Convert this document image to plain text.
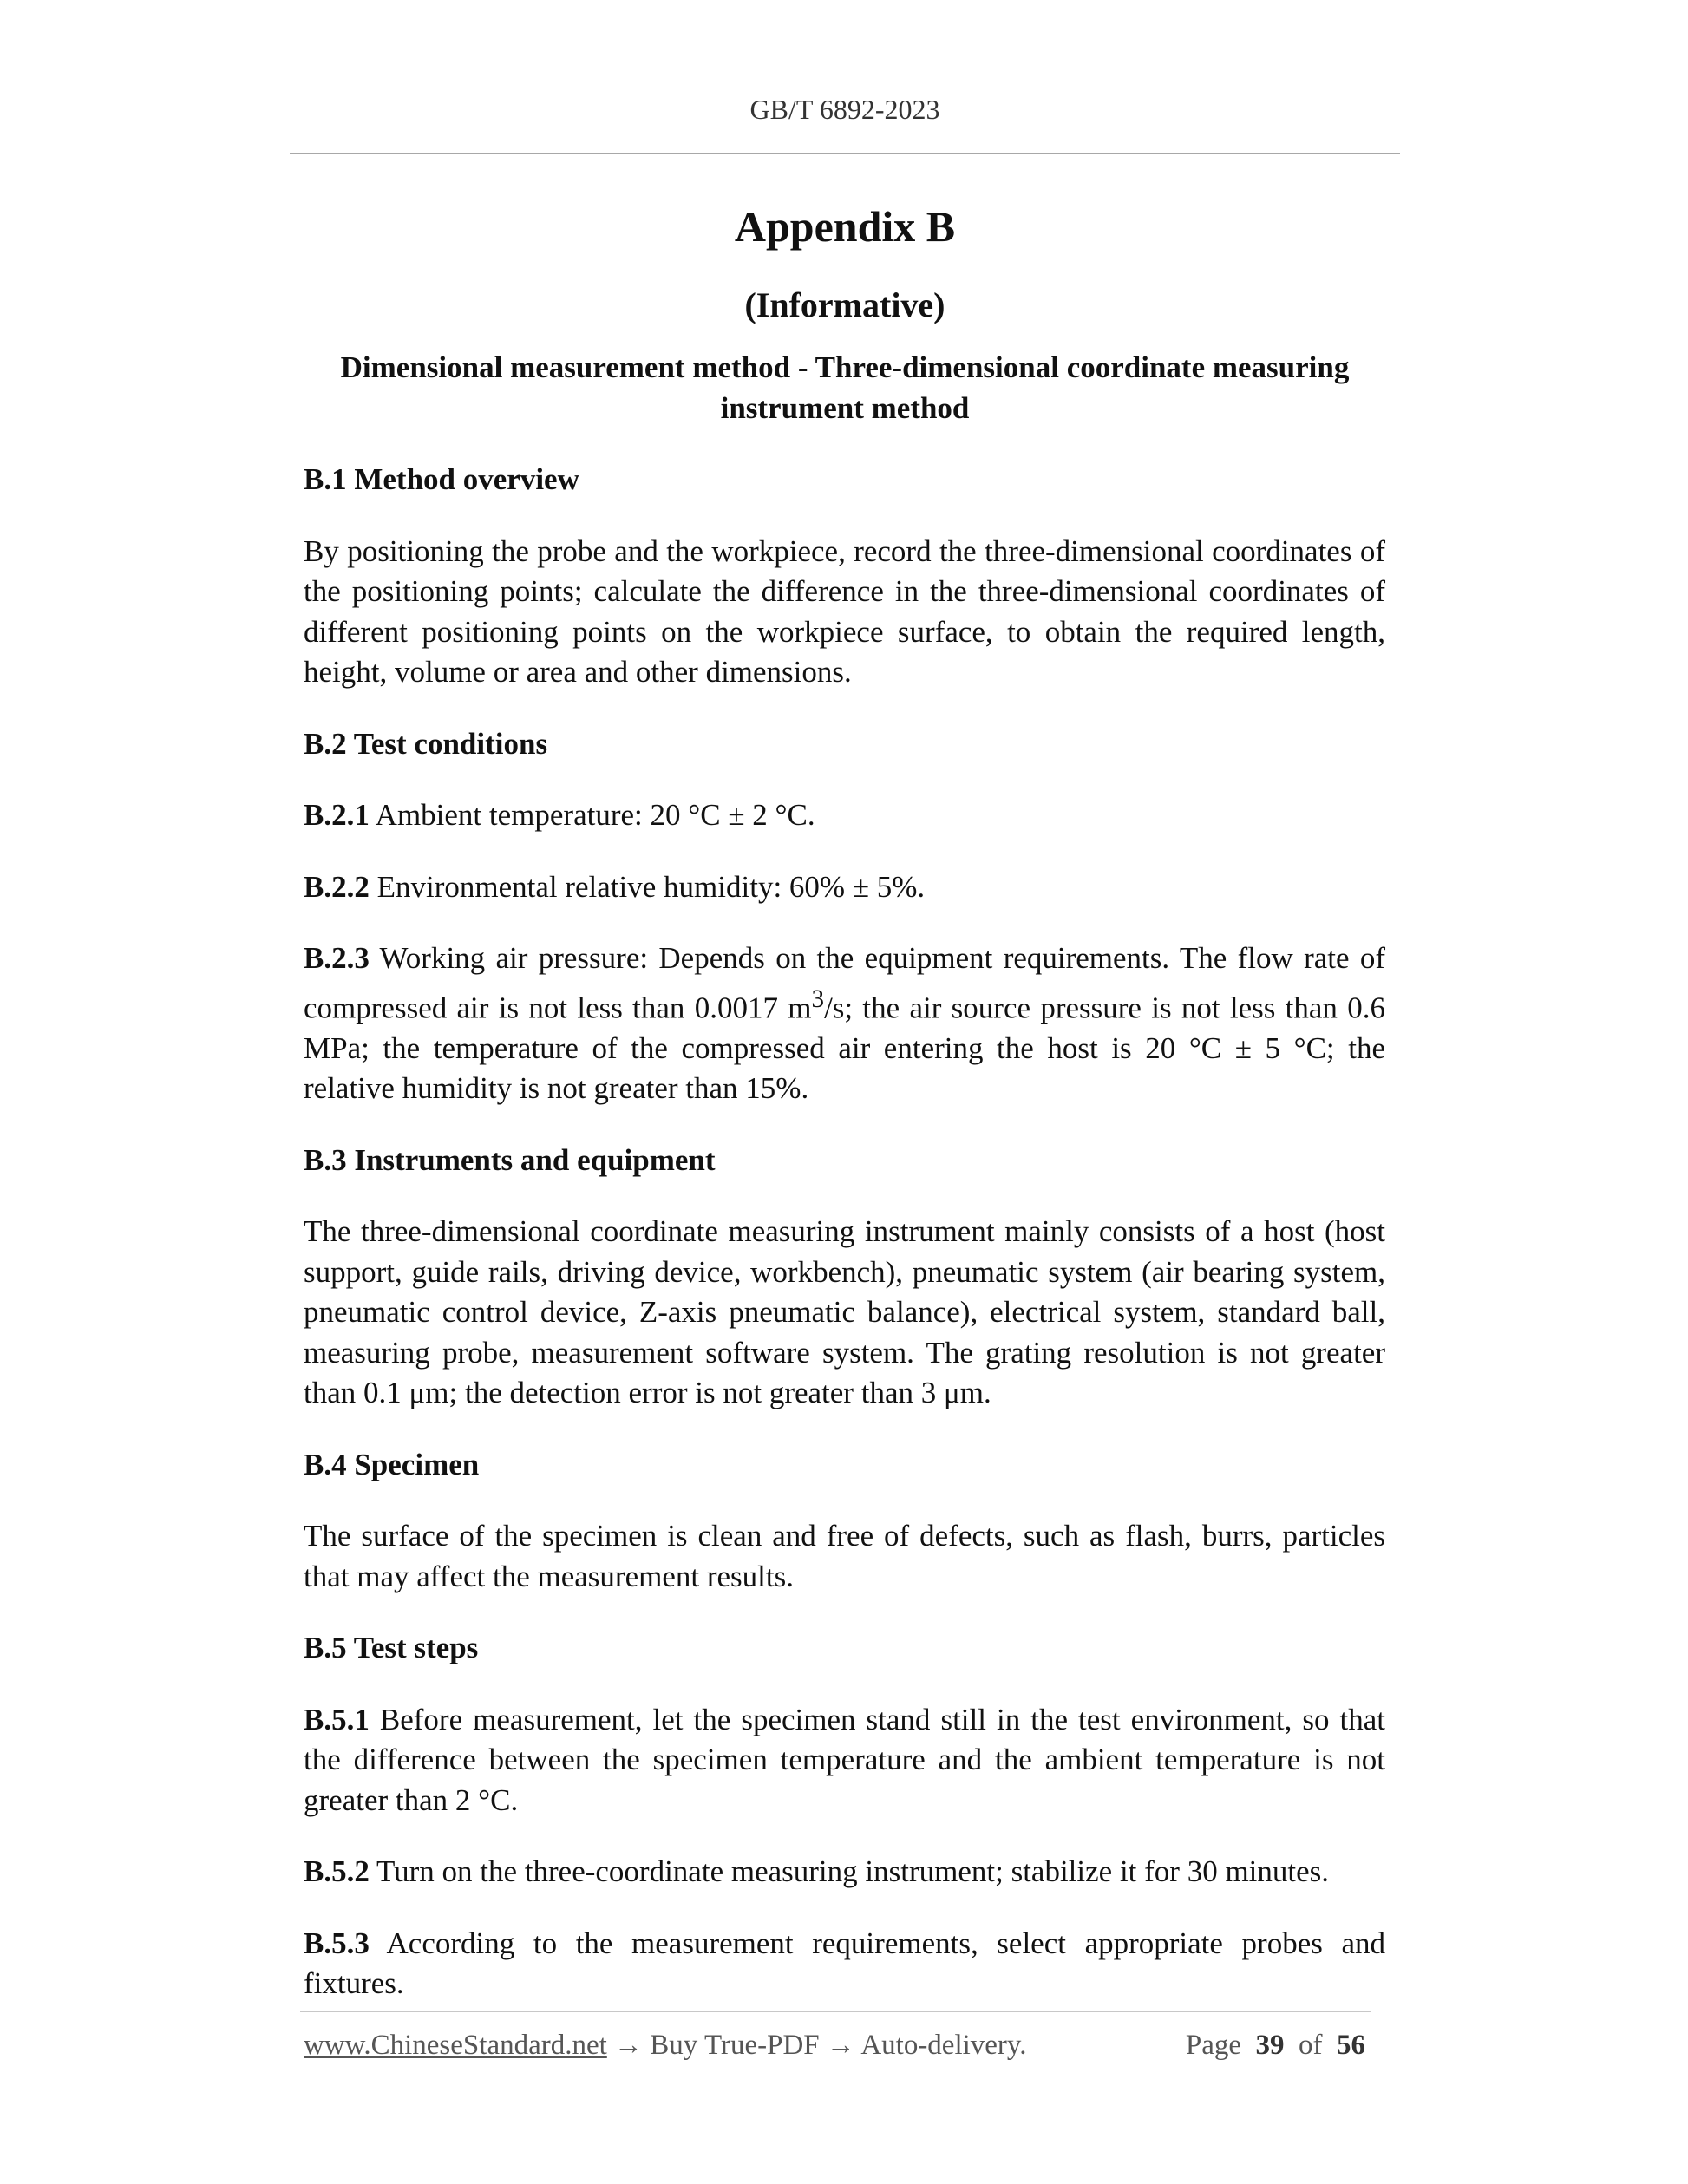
GB/T 6892-2023
Appendix B
(Informative)
Dimensional measurement method - Three-dimensional coordinate measuring
instrument method
B.1 Method overview

By positioning the probe and the workpiece, record the three-dimensional coordinates of the positioning points; calculate the difference in the three-dimensional coordinates of different positioning points on the workpiece surface, to obtain the required length, height, volume or area and other dimensions.

B.2 Test conditions

B.2.1 Ambient temperature: 20 °C ± 2 °C.

B.2.2 Environmental relative humidity: 60% ± 5%.

B.2.3 Working air pressure: Depends on the equipment requirements. The flow rate of compressed air is not less than 0.0017 $m^3/s$; the air source pressure is not less than 0.6 MPa; the temperature of the compressed air entering the host is 20 °C ± 5 °C; the relative humidity is not greater than 15%.

B.3 Instruments and equipment

The three-dimensional coordinate measuring instrument mainly consists of a host (host support, guide rails, driving device, workbench), pneumatic system (air bearing system, pneumatic control device, Z-axis pneumatic balance), electrical system, standard ball, measuring probe, measurement software system. The grating resolution is not greater than 0.1 μm; the detection error is not greater than 3 μm.

B.4 Specimen

The surface of the specimen is clean and free of defects, such as flash, burrs, particles that may affect the measurement results.

B.5 Test steps

B.5.1 Before measurement, let the specimen stand still in the test environment, so that the difference between the specimen temperature and the ambient temperature is not greater than 2 °C.

B.5.2 Turn on the three-coordinate measuring instrument; stabilize it for 30 minutes.

B.5.3 According to the measurement requirements, select appropriate probes and fixtures.

www.ChineseStandard.net → Buy True-PDF → Auto-delivery.	Page 39 of 56
